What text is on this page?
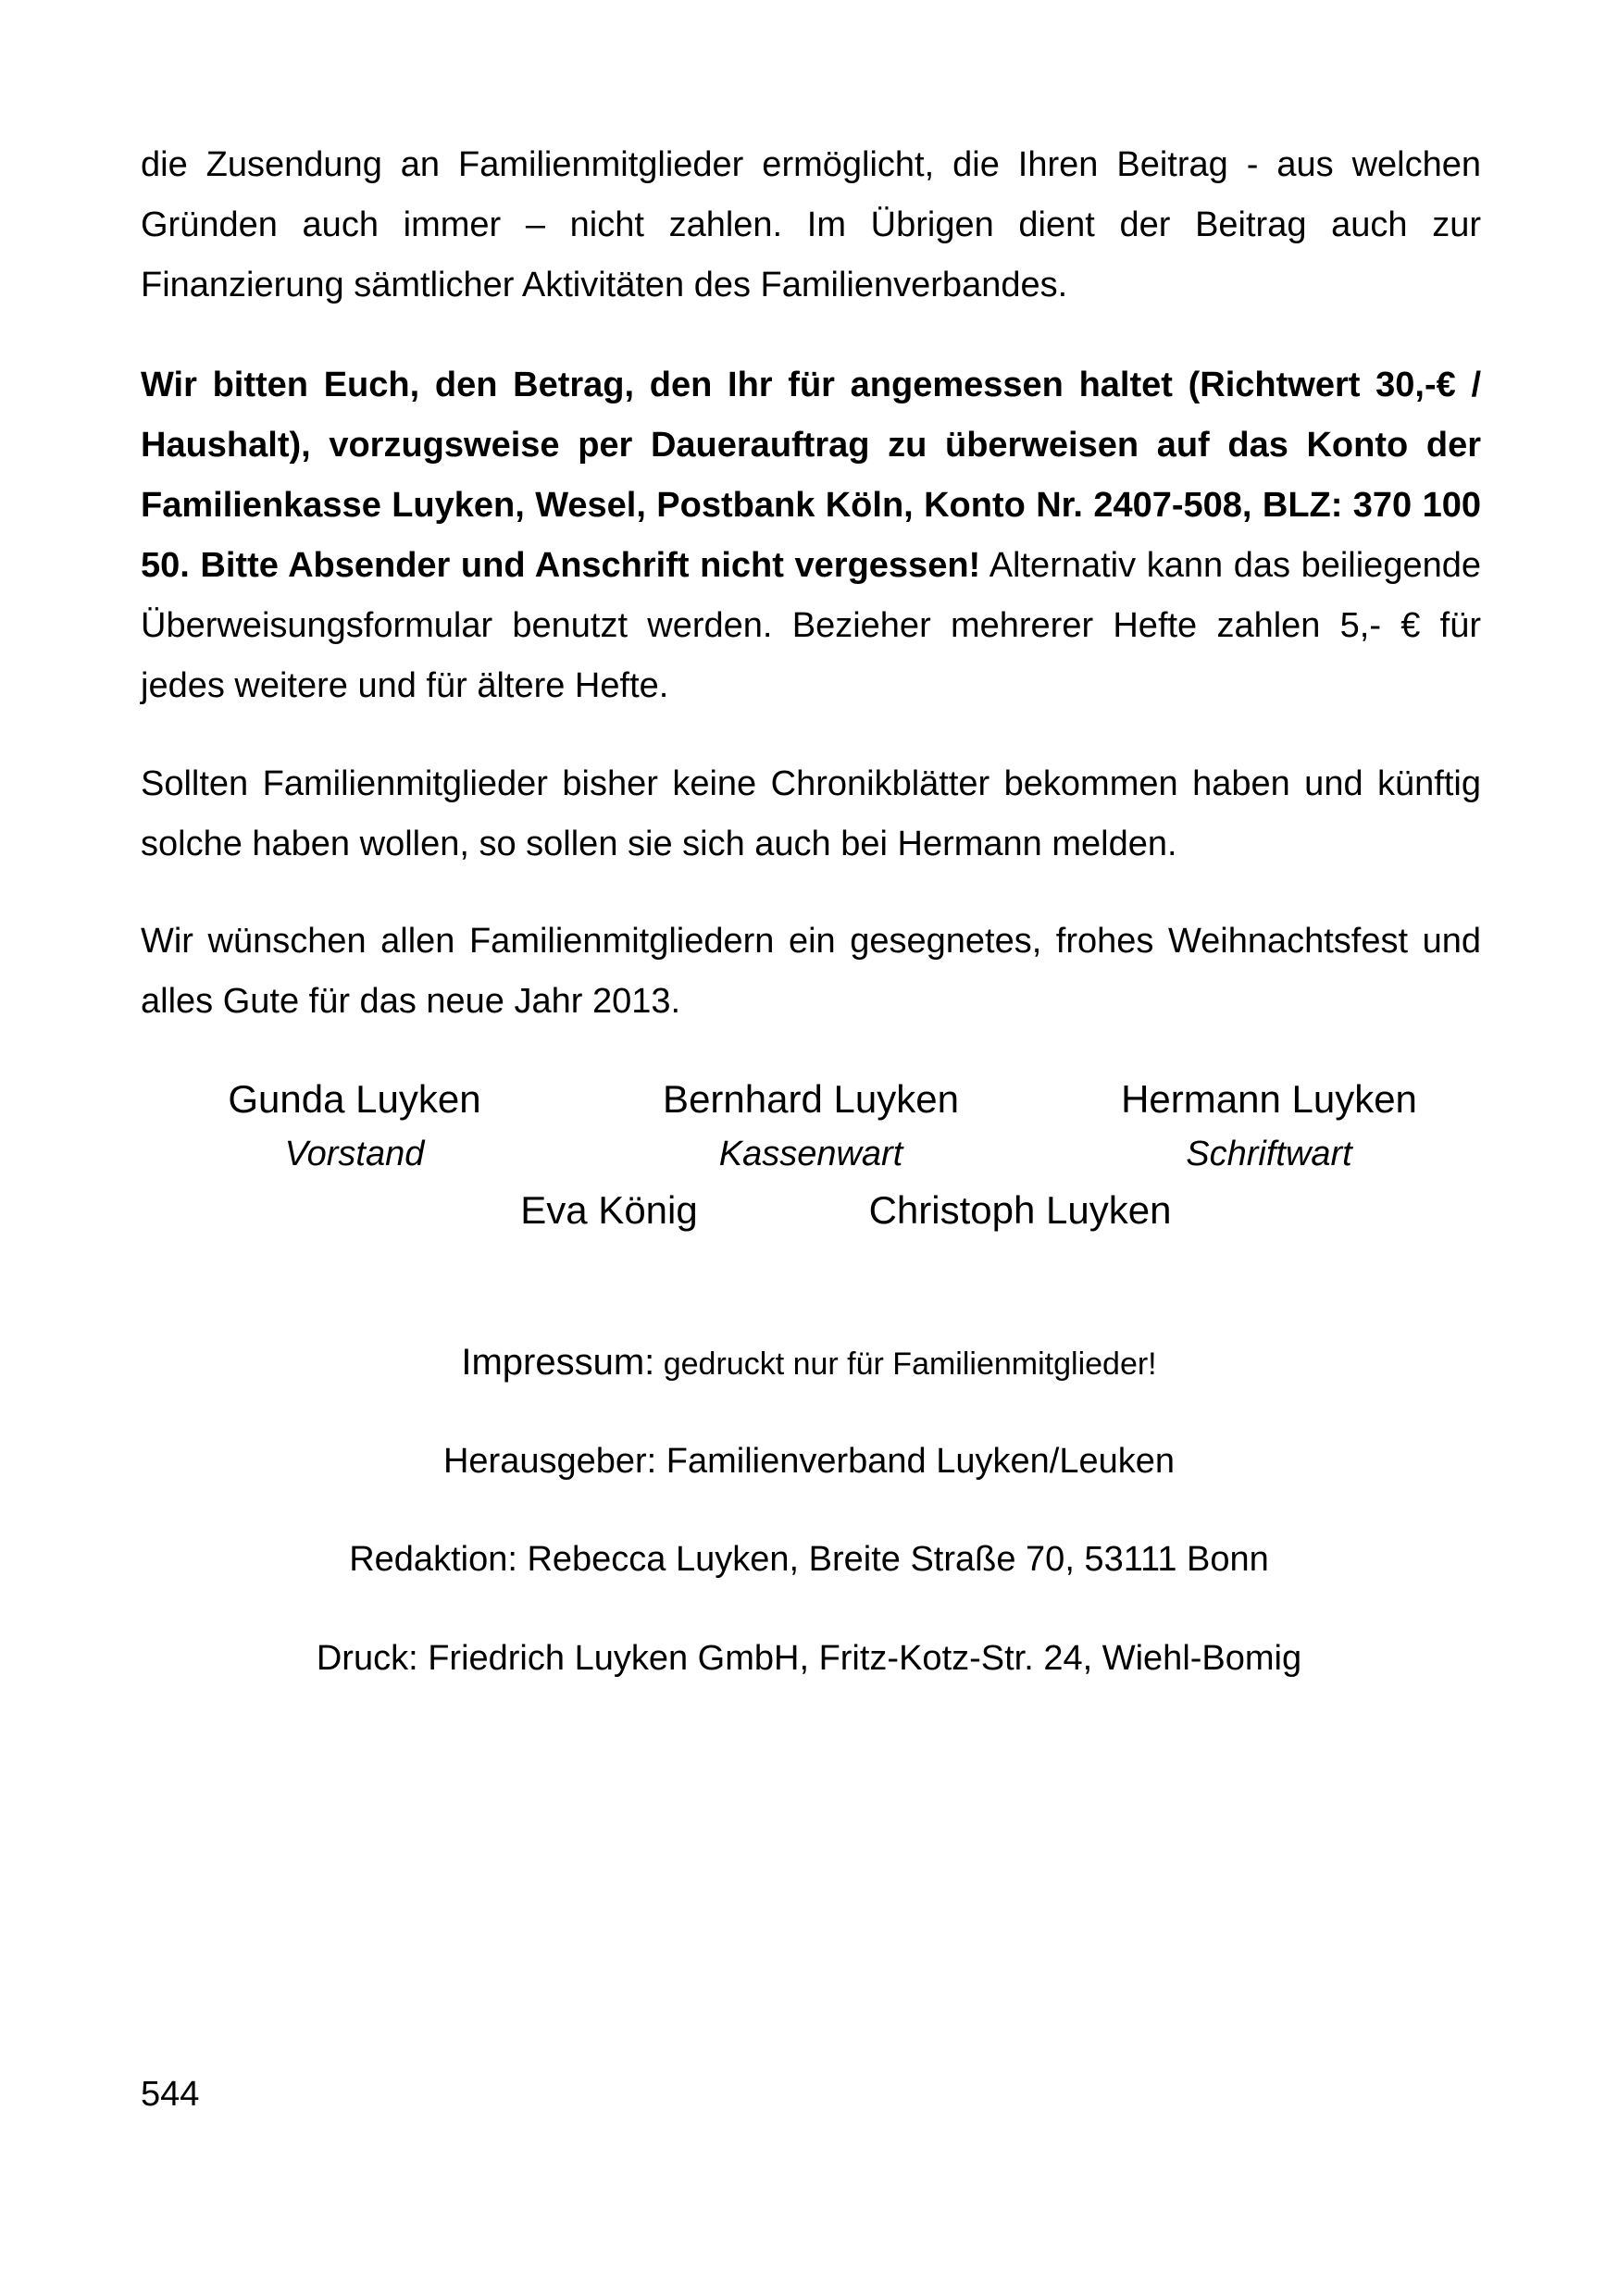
die Zusendung an Familienmitglieder ermöglicht, die Ihren Beitrag - aus welchen Gründen auch immer – nicht zahlen. Im Übrigen dient der Beitrag auch zur Finanzierung sämtlicher Aktivitäten des Familienverbandes.

Wir bitten Euch, den Betrag, den Ihr für angemessen haltet (Richtwert 30,-€ / Haushalt), vorzugsweise per Dauerauftrag zu überweisen auf das Konto der Familienkasse Luyken, Wesel, Postbank Köln, Konto Nr. 2407-508, BLZ: 370 100 50. Bitte Absender und Anschrift nicht vergessen! Alternativ kann das beiliegende Überweisungsformular benutzt werden. Bezieher mehrerer Hefte zahlen 5,- € für jedes weitere und für ältere Hefte.

Sollten Familienmitglieder bisher keine Chronikblätter bekommen haben und künftig solche haben wollen, so sollen sie sich auch bei Hermann melden.

Wir wünschen allen Familienmitgliedern ein gesegnetes, frohes Weihnachtsfest und alles Gute für das neue Jahr 2013.

Gunda Luyken

Vorstand

Bernhard Luyken

Kassenwart

Hermann Luyken

Schriftwart

Eva König	Christoph Luyken

Impressum: gedruckt nur für Familienmitglieder!

Herausgeber: Familienverband Luyken/Leuken

Redaktion: Rebecca Luyken, Breite Straße 70, 53111 Bonn

Druck: Friedrich Luyken GmbH, Fritz-Kotz-Str. 24, Wiehl-Bomig

544
